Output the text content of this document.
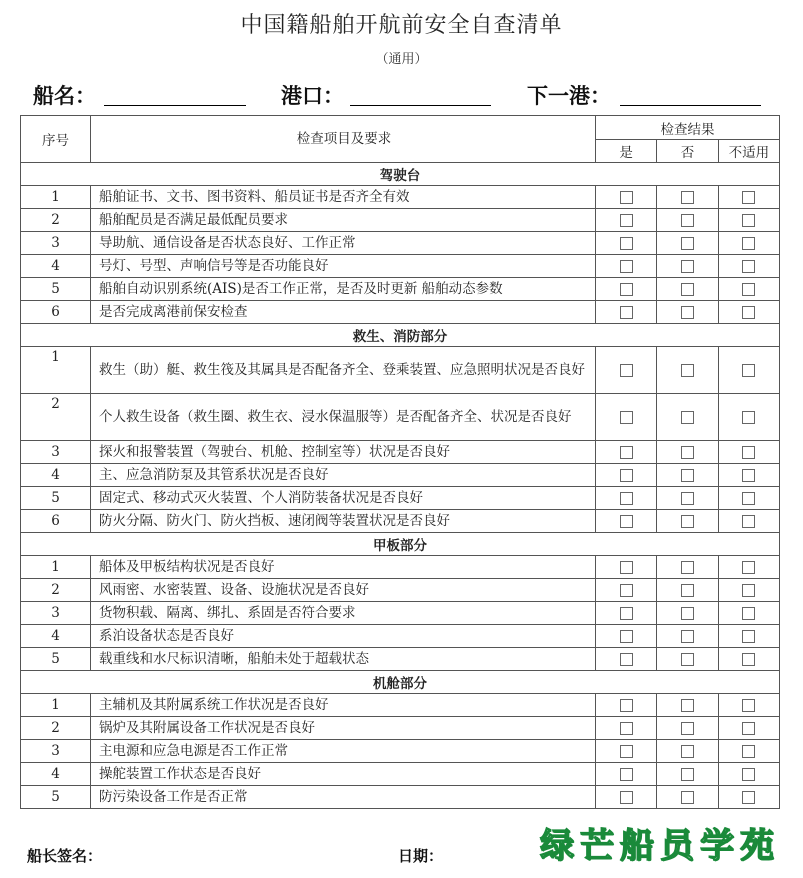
中国籍船舶开航前安全自查清单
（通用）
船名：	港口：	下一港：
序号	检查项目及要求	检查结果		
		是	否	不适用
驾驶台				
1	船舶证书、文书、图书资料、船员证书是否齐全有效			
2	船舶配员是否满足最低配员要求			
3	导助航、通信设备是否状态良好、工作正常			
4	号灯、号型、声响信号等是否功能良好			
5	船舶自动识别系统(AIS)是否工作正常，是否及时更新 船舶动态参数			
6	是否完成离港前保安检查			
救生、消防部分				
1	救生（助）艇、救生筏及其属具是否配备齐全、登乘装置、应急照明状况是否良好			
2	个人救生设备（救生圈、救生衣、浸水保温服等）是否配备齐全、状况是否良好			
3	探火和报警装置（驾驶台、机舱、控制室等）状况是否良好			
4	主、应急消防泵及其管系状况是否良好			
5	固定式、移动式灭火装置、个人消防装备状况是否良好			
6	防火分隔、防火门、防火挡板、速闭阀等装置状况是否良好			
甲板部分				
1	船体及甲板结构状况是否良好			
2	风雨密、水密装置、设备、设施状况是否良好			
3	货物积载、隔离、绑扎、系固是否符合要求			
4	系泊设备状态是否良好			
5	载重线和水尺标识清晰，船舶未处于超载状态			
机舱部分				
1	主辅机及其附属系统工作状况是否良好			
2	锅炉及其附属设备工作状况是否良好			
3	主电源和应急电源是否工作正常			
4	操舵装置工作状态是否良好			
5	防污染设备工作是否正常			
船长签名：	日期：	绿芒船员学苑
